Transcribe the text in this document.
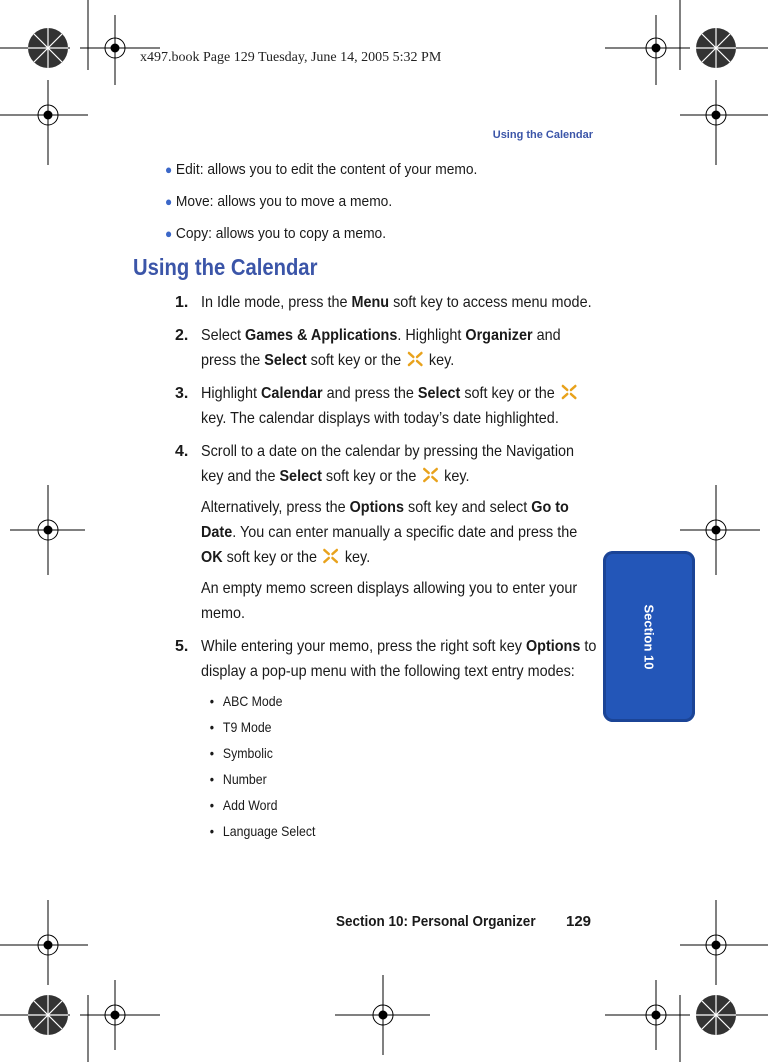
x497.book Page 129 Tuesday, June 14, 2005 5:32 PM
Using the Calendar
● Edit: allows you to edit the content of your memo.
● Move: allows you to move a memo.
● Copy: allows you to copy a memo.
Using the Calendar
1. In Idle mode, press the Menu soft key to access menu mode.

2. Select Games & Applications. Highlight Organizer and press the Select soft key or the  key.

3. Highlight Calendar and press the Select soft key or the  key. The calendar displays with today’s date highlighted.

4. Scroll to a date on the calendar by pressing the Navigation key and the Select soft key or the  key.

Alternatively, press the Options soft key and select Go to Date. You can enter manually a specific date and press the OK soft key or the  key.

An empty memo screen displays allowing you to enter your memo.

5. While entering your memo, press the right soft key Options to display a pop-up menu with the following text entry modes:

• ABC Mode
• T9 Mode
• Symbolic
• Number
• Add Word
• Language Select
Section 10
Section 10: Personal Organizer 129
